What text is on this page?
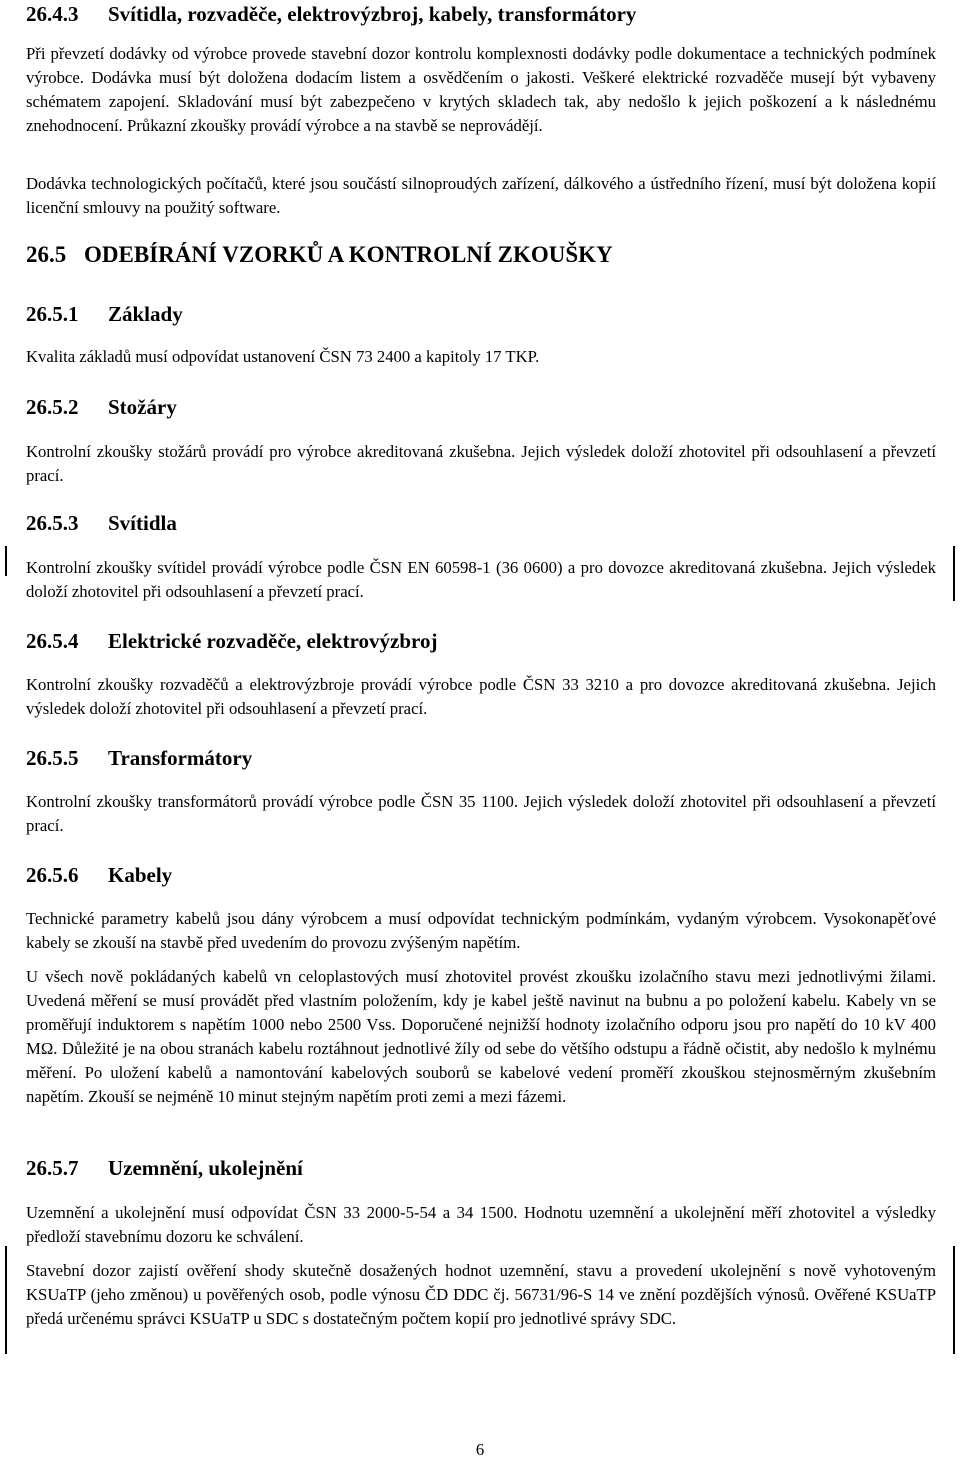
26.4.3 Svítidla, rozvaděče, elektrovýzbroj, kabely, transformátory

Při převzetí dodávky od výrobce provede stavební dozor kontrolu komplexnosti dodávky podle dokumentace a technických podmínek výrobce. Dodávka musí být doložena dodacím listem a osvědčením o jakosti. Veškeré elektrické rozvaděče musejí být vybaveny schématem zapojení. Skladování musí být zabezpečeno v krytých skladech tak, aby nedošlo k jejich poškození a k následnému znehodnocení. Průkazní zkoušky provádí výrobce a na stavbě se neprovádějí.

Dodávka technologických počítačů, které jsou součástí silnoproudých zařízení, dálkového a ústředního řízení, musí být doložena kopií licenční smlouvy na použitý software.

26.5 ODEBÍRÁNÍ VZORKŮ A KONTROLNÍ ZKOUŠKY
26.5.1 Základy

Kvalita základů musí odpovídat ustanovení ČSN 73 2400 a kapitoly 17 TKP.

26.5.2 Stožáry

Kontrolní zkoušky stožárů provádí pro výrobce akreditovaná zkušebna. Jejich výsledek doloží zhotovitel při odsouhlasení a převzetí prací.

26.5.3 Svítidla

Kontrolní zkoušky svítidel provádí výrobce podle ČSN EN 60598-1 (36 0600) a pro dovozce akreditovaná zkušebna. Jejich výsledek doloží zhotovitel při odsouhlasení a převzetí prací.

26.5.4 Elektrické rozvaděče, elektrovýzbroj

Kontrolní zkoušky rozvaděčů a elektrovýzbroje provádí výrobce podle ČSN 33 3210 a pro dovozce akreditovaná zkušebna. Jejich výsledek doloží zhotovitel při odsouhlasení a převzetí prací.

26.5.5 Transformátory

Kontrolní zkoušky transformátorů provádí výrobce podle ČSN 35 1100. Jejich výsledek doloží zhotovitel při odsouhlasení a převzetí prací.

26.5.6 Kabely

Technické parametry kabelů jsou dány výrobcem a musí odpovídat technickým podmínkám, vydaným výrobcem. Vysokonapěťové kabely se zkouší na stavbě před uvedením do provozu zvýšeným napětím.

U všech nově pokládaných kabelů vn celoplastových musí zhotovitel provést zkoušku izolačního stavu mezi jednotlivými žilami. Uvedená měření se musí provádět před vlastním položením, kdy je kabel ještě navinut na bubnu a po položení kabelu. Kabely vn se proměřují induktorem s napětím 1000 nebo 2500 Vss. Doporučené nejnižší hodnoty izolačního odporu jsou pro napětí do 10 kV 400 MΩ. Důležité je na obou stranách kabelu roztáhnout jednotlivé žíly od sebe do většího odstupu a řádně očistit, aby nedošlo k mylnému měření. Po uložení kabelů a namontování kabelových souborů se kabelové vedení proměří zkouškou stejnosměrným zkušebním napětím. Zkouší se nejméně 10 minut stejným napětím proti zemi a mezi fázemi.

26.5.7 Uzemnění, ukolejnění

Uzemnění a ukolejnění musí odpovídat ČSN 33 2000-5-54 a 34 1500. Hodnotu uzemnění a ukolejnění měří zhotovitel a výsledky předloží stavebnímu dozoru ke schválení.

Stavební dozor zajistí ověření shody skutečně dosažených hodnot uzemnění, stavu a provedení ukolejnění s nově vyhotoveným KSUaTP (jeho změnou) u pověřených osob, podle výnosu ČD DDC čj. 56731/96-S 14 ve znění pozdějších výnosů. Ověřené KSUaTP předá určenému správci KSUaTP u SDC s dostatečným počtem kopií pro jednotlivé správy SDC.

6
